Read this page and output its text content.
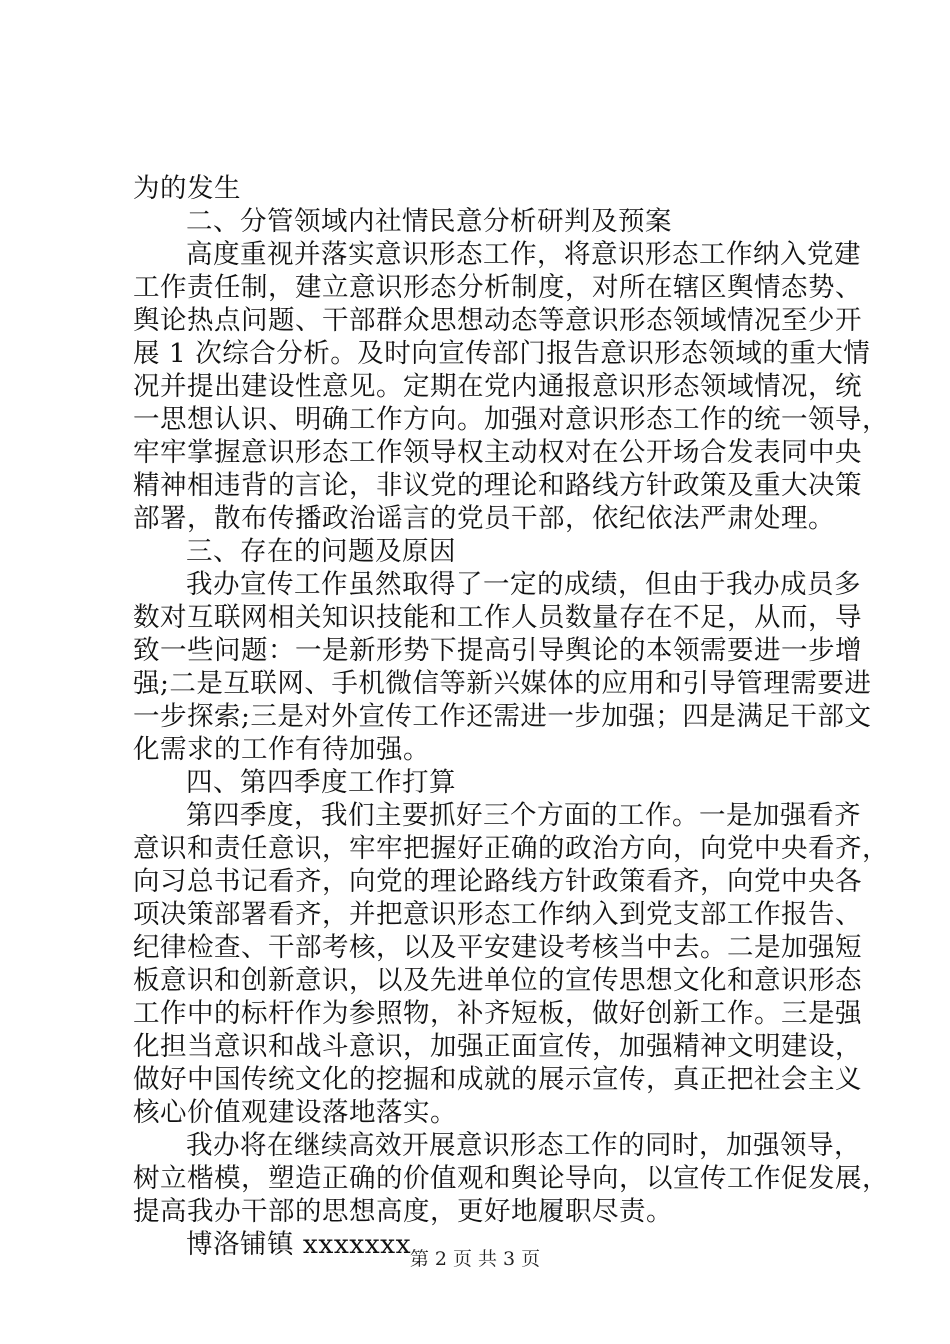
为的发生
二、分管领域内社情民意分析研判及预案
高度重视并落实意识形态工作，将意识形态工作纳入党建
工作责任制，建立意识形态分析制度，对所在辖区舆情态势、
舆论热点问题、干部群众思想动态等意识形态领域情况至少开
展 1 次综合分析。及时向宣传部门报告意识形态领域的重大情
况并提出建设性意见。定期在党内通报意识形态领域情况，统
一思想认识、明确工作方向。加强对意识形态工作的统一领导，
牢牢掌握意识形态工作领导权主动权对在公开场合发表同中央
精神相违背的言论，非议党的理论和路线方针政策及重大决策
部署，散布传播政治谣言的党员干部，依纪依法严肃处理。
三、存在的问题及原因
我办宣传工作虽然取得了一定的成绩，但由于我办成员多
数对互联网相关知识技能和工作人员数量存在不足，从而，导
致一些问题：一是新形势下提高引导舆论的本领需要进一步增
强;二是互联网、手机微信等新兴媒体的应用和引导管理需要进
一步探索;三是对外宣传工作还需进一步加强；四是满足干部文
化需求的工作有待加强。
四、第四季度工作打算
第四季度，我们主要抓好三个方面的工作。一是加强看齐
意识和责任意识，牢牢把握好正确的政治方向，向党中央看齐，
向习总书记看齐，向党的理论路线方针政策看齐，向党中央各
项决策部署看齐，并把意识形态工作纳入到党支部工作报告、
纪律检查、干部考核，以及平安建设考核当中去。二是加强短
板意识和创新意识，以及先进单位的宣传思想文化和意识形态
工作中的标杆作为参照物，补齐短板，做好创新工作。三是强
化担当意识和战斗意识，加强正面宣传，加强精神文明建设，
做好中国传统文化的挖掘和成就的展示宣传，真正把社会主义
核心价值观建设落地落实。
我办将在继续高效开展意识形态工作的同时，加强领导，
树立楷模，塑造正确的价值观和舆论导向，以宣传工作促发展，
提高我办干部的思想高度，更好地履职尽责。
博洛铺镇 xxxxxxx
第 2 页 共 3 页
